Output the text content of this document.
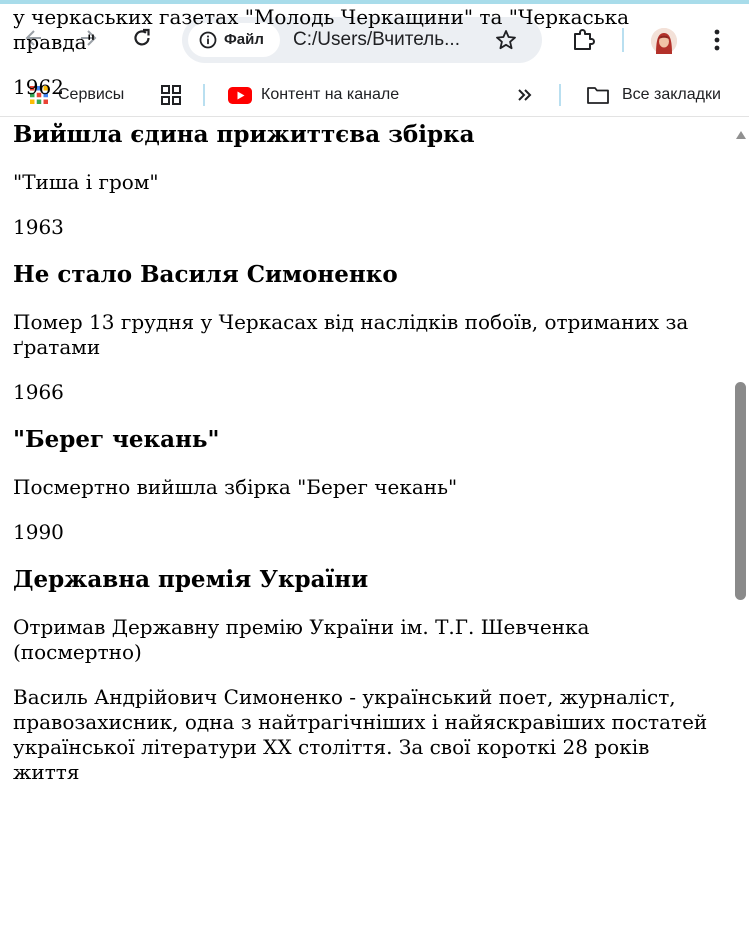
Файл C:/Users/Вчитель...
Сервисы	Контент на канале	Все закладки

у черкаських газетах "Молодь Черкащини" та "Черкаська правда"

1962

Вийшла єдина прижиттєва збірка

"Тиша і гром"

1963

Не стало Василя Симоненко

Помер 13 грудня у Черкасах від наслідків побоїв, отриманих за ґратами

1966

"Берег чекань"

Посмертно вийшла збірка "Берег чекань"

1990

Державна премія України

Отримав Державну премію України ім. Т.Г. Шевченка (посмертно)

Василь Андрійович Симоненко - український поет, журналіст, правозахисник, одна з найтрагічніших і найяскравіших постатей української літератури XX століття. За свої короткі 28 років життя
